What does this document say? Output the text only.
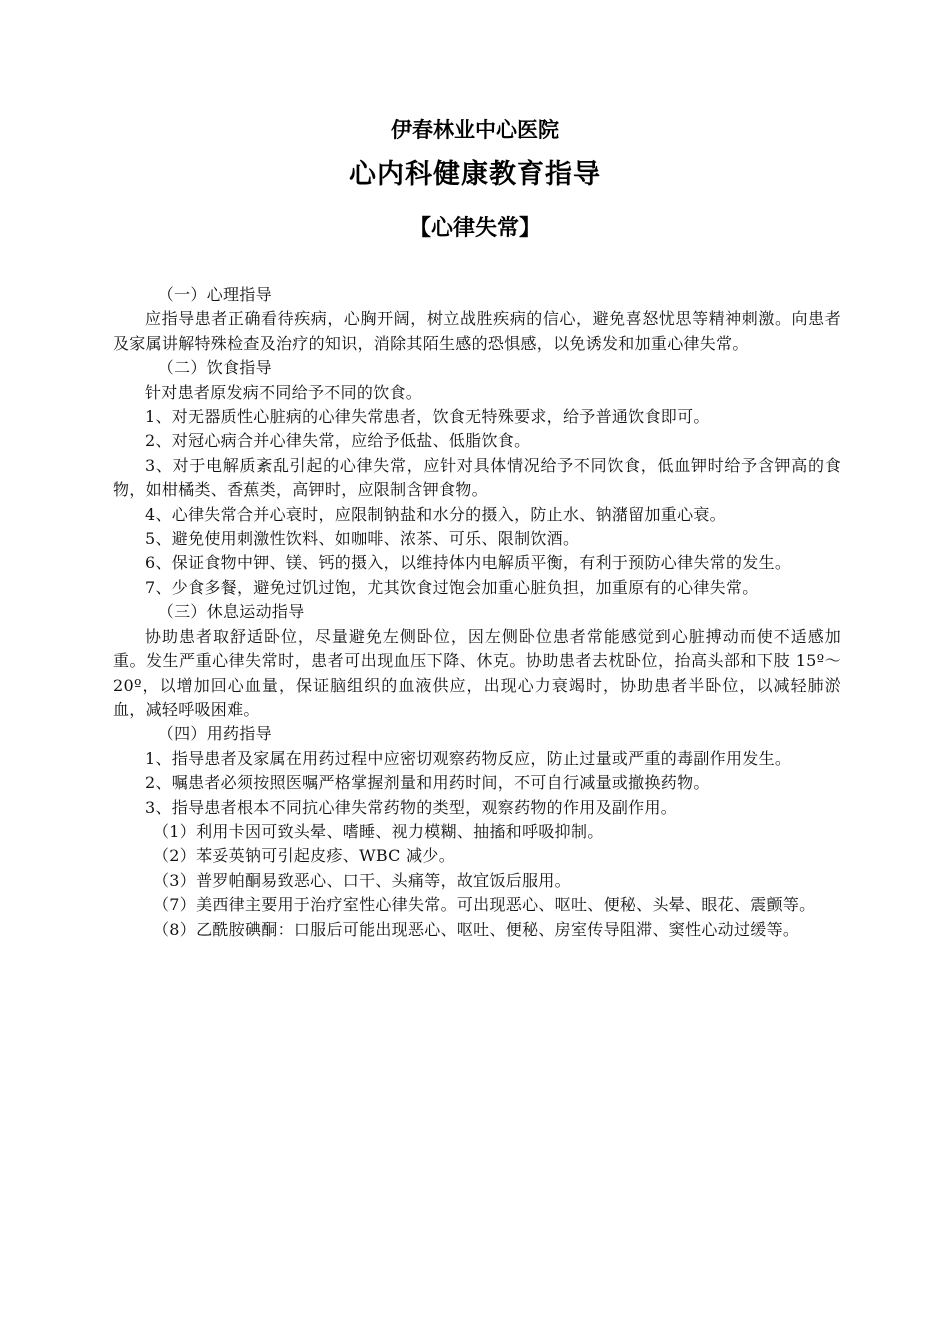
伊春林业中心医院
心内科健康教育指导
【心律失常】

（一）心理指导

应指导患者正确看待疾病，心胸开阔，树立战胜疾病的信心，避免喜怒忧思等精神刺激。向患者及家属讲解特殊检查及治疗的知识，消除其陌生感的恐惧感，以免诱发和加重心律失常。

（二）饮食指导

针对患者原发病不同给予不同的饮食。

1、对无器质性心脏病的心律失常患者，饮食无特殊要求，给予普通饮食即可。

2、对冠心病合并心律失常，应给予低盐、低脂饮食。

3、对于电解质紊乱引起的心律失常，应针对具体情况给予不同饮食，低血钾时给予含钾高的食物，如柑橘类、香蕉类，高钾时，应限制含钾食物。

4、心律失常合并心衰时，应限制钠盐和水分的摄入，防止水、钠潴留加重心衰。

5、避免使用刺激性饮料、如咖啡、浓茶、可乐、限制饮酒。

6、保证食物中钾、镁、钙的摄入，以维持体内电解质平衡，有利于预防心律失常的发生。

7、少食多餐，避免过饥过饱，尤其饮食过饱会加重心脏负担，加重原有的心律失常。

（三）休息运动指导

协助患者取舒适卧位，尽量避免左侧卧位，因左侧卧位患者常能感觉到心脏搏动而使不适感加重。发生严重心律失常时，患者可出现血压下降、休克。协助患者去枕卧位，抬高头部和下肢 15º～20º，以增加回心血量，保证脑组织的血液供应，出现心力衰竭时，协助患者半卧位，以减轻肺淤血，减轻呼吸困难。

（四）用药指导

1、指导患者及家属在用药过程中应密切观察药物反应，防止过量或严重的毒副作用发生。

2、嘱患者必须按照医嘱严格掌握剂量和用药时间，不可自行减量或撤换药物。

3、指导患者根本不同抗心律失常药物的类型，观察药物的作用及副作用。

（1）利用卡因可致头晕、嗜睡、视力模糊、抽搐和呼吸抑制。

（2）苯妥英钠可引起皮疹、WBC 减少。

（3）普罗帕酮易致恶心、口干、头痛等，故宜饭后服用。

（7）美西律主要用于治疗室性心律失常。可出现恶心、呕吐、便秘、头晕、眼花、震颤等。

（8）乙酰胺碘酮：口服后可能出现恶心、呕吐、便秘、房室传导阻滞、窦性心动过缓等。
